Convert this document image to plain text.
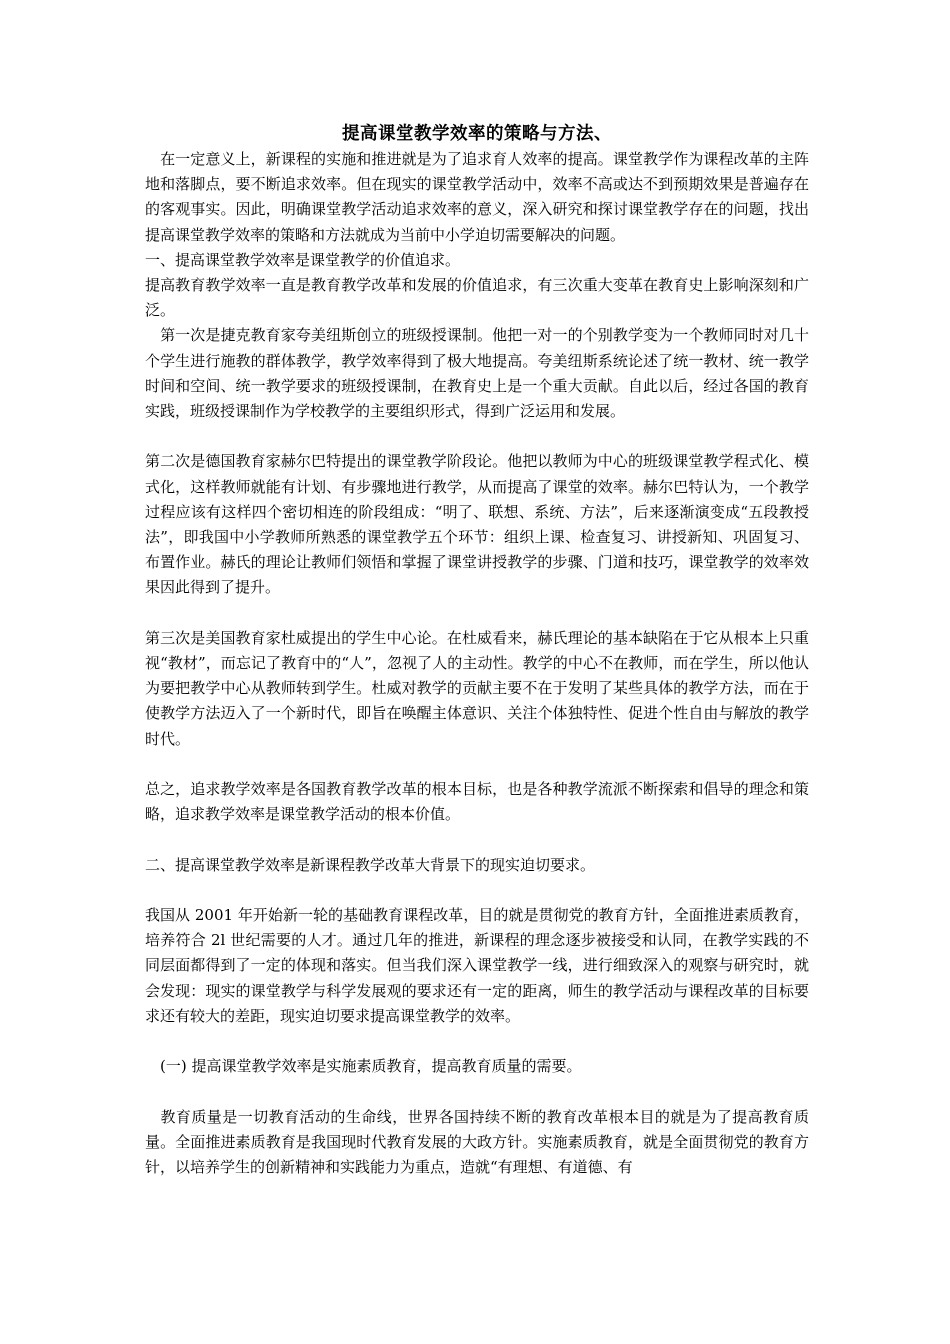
提高课堂教学效率的策略与方法、

　在一定意义上，新课程的实施和推进就是为了追求育人效率的提高。课堂教学作为课程改革的主阵地和落脚点，要不断追求效率。但在现实的课堂教学活动中，效率不高或达不到预期效果是普遍存在的客观事实。因此，明确课堂教学活动追求效率的意义，深入研究和探讨课堂教学存在的问题，找出提高课堂教学效率的策略和方法就成为当前中小学迫切需要解决的问题。

一、提高课堂教学效率是课堂教学的价值追求。

提高教育教学效率一直是教育教学改革和发展的价值追求，有三次重大变革在教育史上影响深刻和广泛。

　第一次是捷克教育家夸美纽斯创立的班级授课制。他把一对一的个别教学变为一个教师同时对几十个学生进行施教的群体教学，教学效率得到了极大地提高。夸美纽斯系统论述了统一教材、统一教学时间和空间、统一教学要求的班级授课制，在教育史上是一个重大贡献。自此以后，经过各国的教育实践，班级授课制作为学校教学的主要组织形式，得到广泛运用和发展。

第二次是德国教育家赫尔巴特提出的课堂教学阶段论。他把以教师为中心的班级课堂教学程式化、模式化，这样教师就能有计划、有步骤地进行教学，从而提高了课堂的效率。赫尔巴特认为，一个教学过程应该有这样四个密切相连的阶段组成：“明了、联想、系统、方法”，后来逐渐演变成“五段教授法”，即我国中小学教师所熟悉的课堂教学五个环节：组织上课、检查复习、讲授新知、巩固复习、布置作业。赫氏的理论让教师们领悟和掌握了课堂讲授教学的步骤、门道和技巧，课堂教学的效率效果因此得到了提升。

第三次是美国教育家杜威提出的学生中心论。在杜威看来，赫氏理论的基本缺陷在于它从根本上只重视“教材”，而忘记了教育中的“人”，忽视了人的主动性。教学的中心不在教师，而在学生，所以他认为要把教学中心从教师转到学生。杜威对教学的贡献主要不在于发明了某些具体的教学方法，而在于使教学方法迈入了一个新时代，即旨在唤醒主体意识、关注个体独特性、促进个性自由与解放的教学时代。

总之，追求教学效率是各国教育教学改革的根本目标，也是各种教学流派不断探索和倡导的理念和策略，追求教学效率是课堂教学活动的根本价值。

二、提高课堂教学效率是新课程教学改革大背景下的现实迫切要求。

我国从 2001 年开始新一轮的基础教育课程改革，目的就是贯彻党的教育方针，全面推进素质教育，培养符合 2l 世纪需要的人才。通过几年的推进，新课程的理念逐步被接受和认同，在教学实践的不同层面都得到了一定的体现和落实。但当我们深入课堂教学一线，进行细致深入的观察与研究时，就会发现：现实的课堂教学与科学发展观的要求还有一定的距离，师生的教学活动与课程改革的目标要求还有较大的差距，现实迫切要求提高课堂教学的效率。

　(一) 提高课堂教学效率是实施素质教育，提高教育质量的需要。

　教育质量是一切教育活动的生命线，世界各国持续不断的教育改革根本目的就是为了提高教育质量。全面推进素质教育是我国现时代教育发展的大政方针。实施素质教育，就是全面贯彻党的教育方针，以培养学生的创新精神和实践能力为重点，造就“有理想、有道德、有
